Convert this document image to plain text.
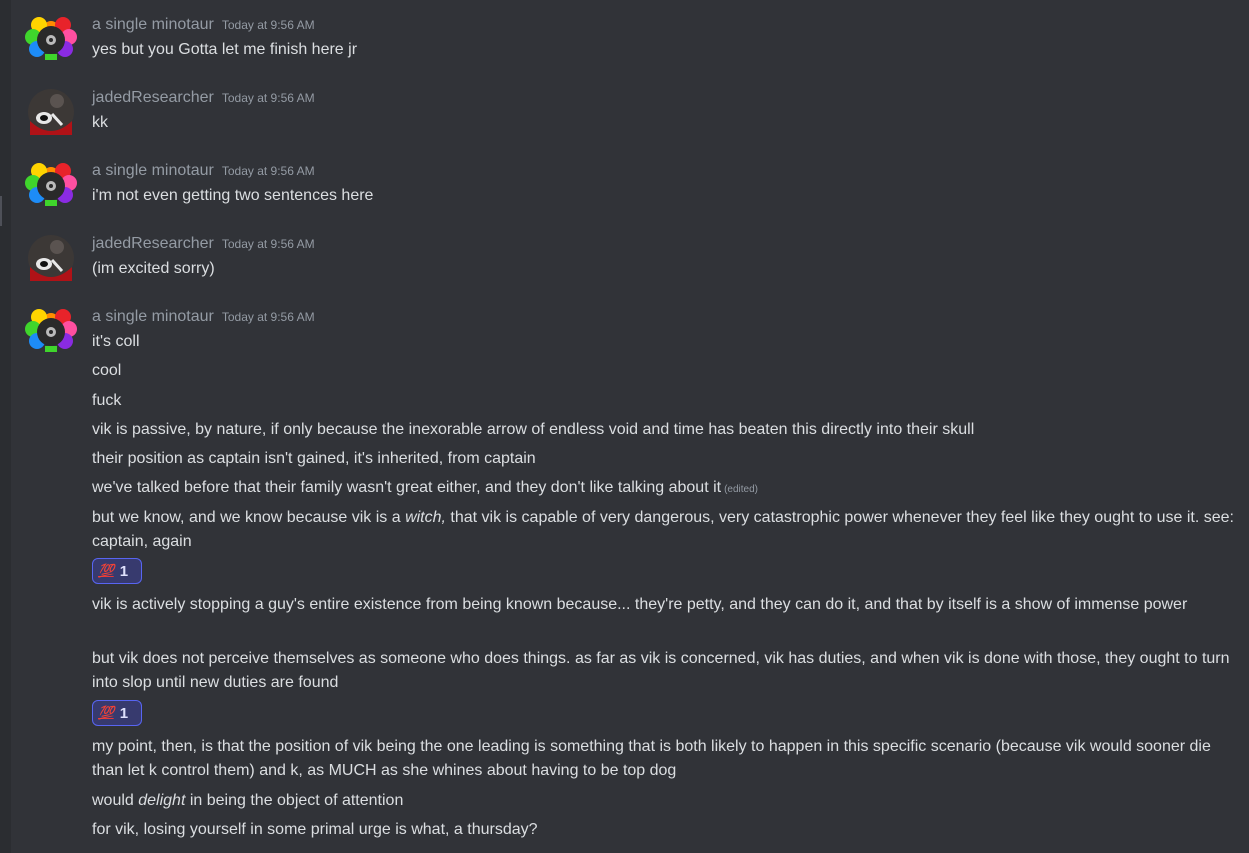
a single minotaur Today at 9:56 AM
yes but you Gotta let me finish here jr
jadedResearcher Today at 9:56 AM
kk
a single minotaur Today at 9:56 AM
i'm not even getting two sentences here
jadedResearcher Today at 9:56 AM
(im excited sorry)
a single minotaur Today at 9:56 AM
it's coll
cool
fuck
vik is passive, by nature, if only because the inexorable arrow of endless void and time has beaten this directly into their skull
their position as captain isn't gained, it's inherited, from captain
we've talked before that their family wasn't great either, and they don't like talking about it (edited)
but we know, and we know because vik is a witch, that vik is capable of very dangerous, very catastrophic power whenever they feel like they ought to use it. see: captain, again
💯 1
vik is actively stopping a guy's entire existence from being known because... they're petty, and they can do it, and that by itself is a show of immense power
but vik does not perceive themselves as someone who does things. as far as vik is concerned, vik has duties, and when vik is done with those, they ought to turn into slop until new duties are found
💯 1
my point, then, is that the position of vik being the one leading is something that is both likely to happen in this specific scenario (because vik would sooner die than let k control them) and k, as MUCH as she whines about having to be top dog
would delight in being the object of attention
for vik, losing yourself in some primal urge is what, a thursday?
